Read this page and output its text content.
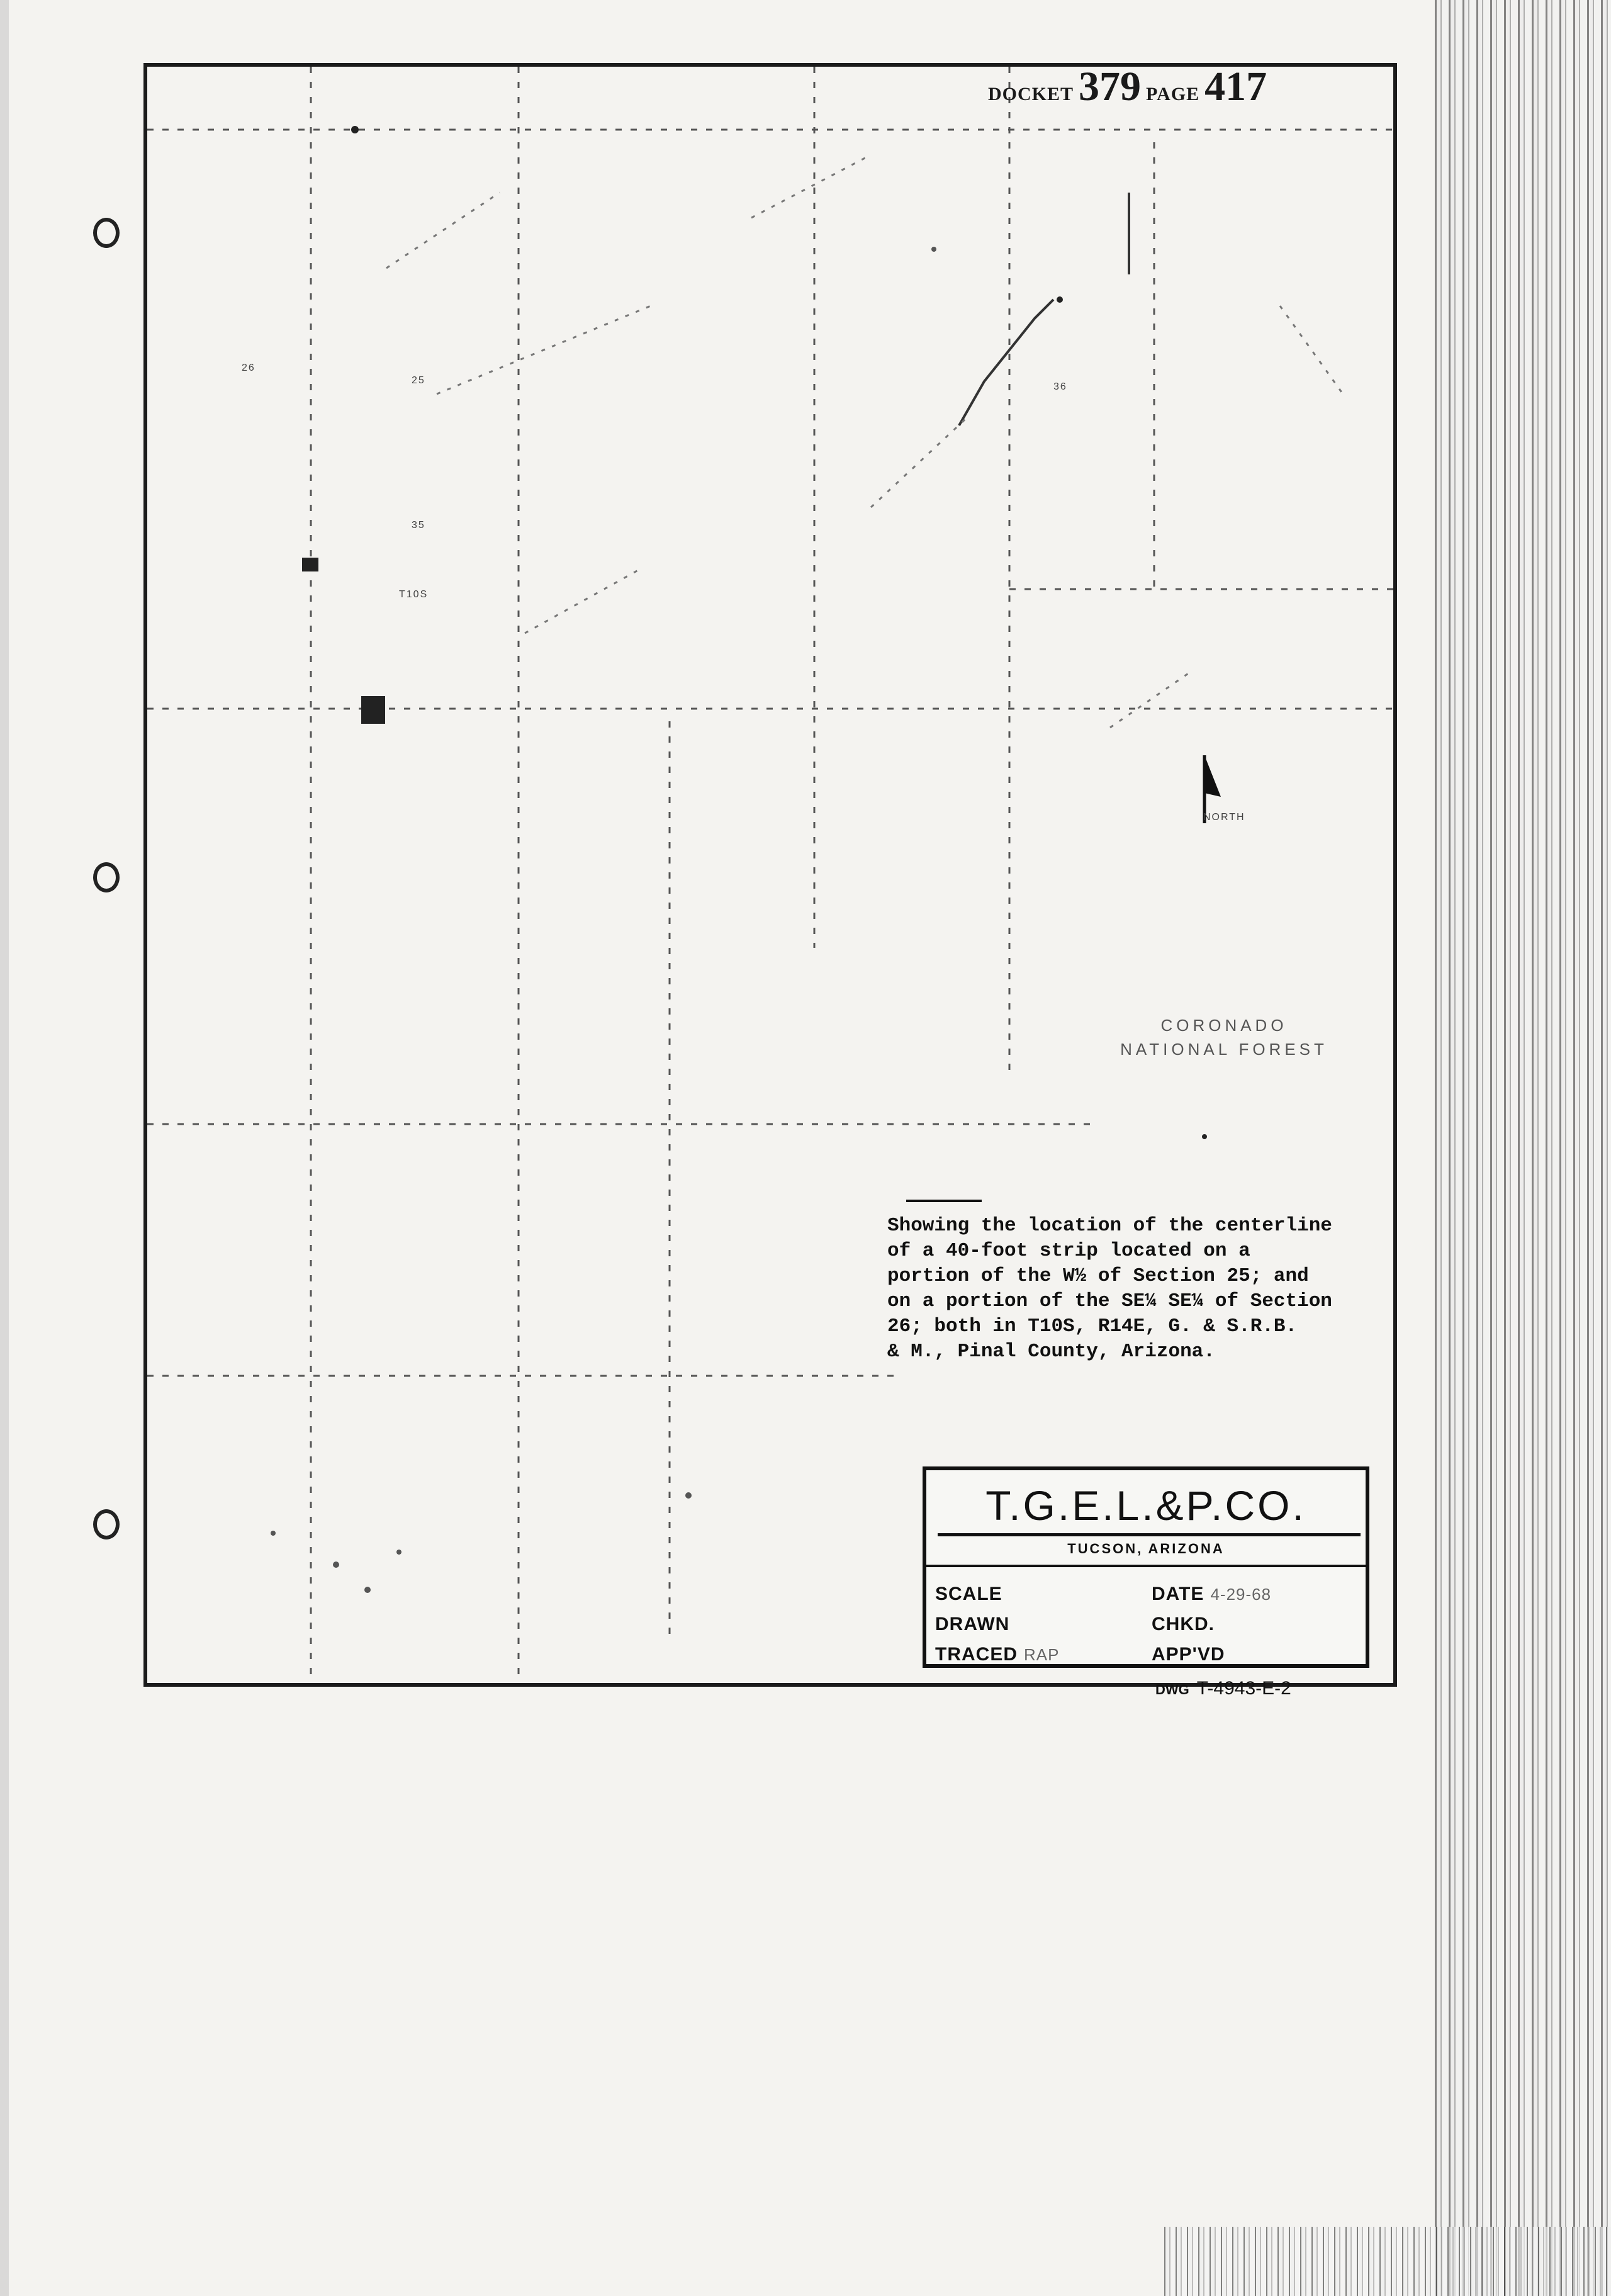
T10S
25
26
35
36
DOCKET 379 PAGE 417
NORTH
CORONADO
NATIONAL FOREST
Showing the location of the centerline
of a 40-foot strip located on a
portion of the W½ of Section 25; and
on a portion of the SE¼ SE¼ of Section
26; both in T10S, R14E, G. & S.R.B.
& M., Pinal County, Arizona.
T.G.E.L.&P.CO.
TUCSON, ARIZONA
SCALE	DATE 4-29-68
DRAWN	CHKD.
TRACED RAP	APP'VD
DWG T-4943-E-2
